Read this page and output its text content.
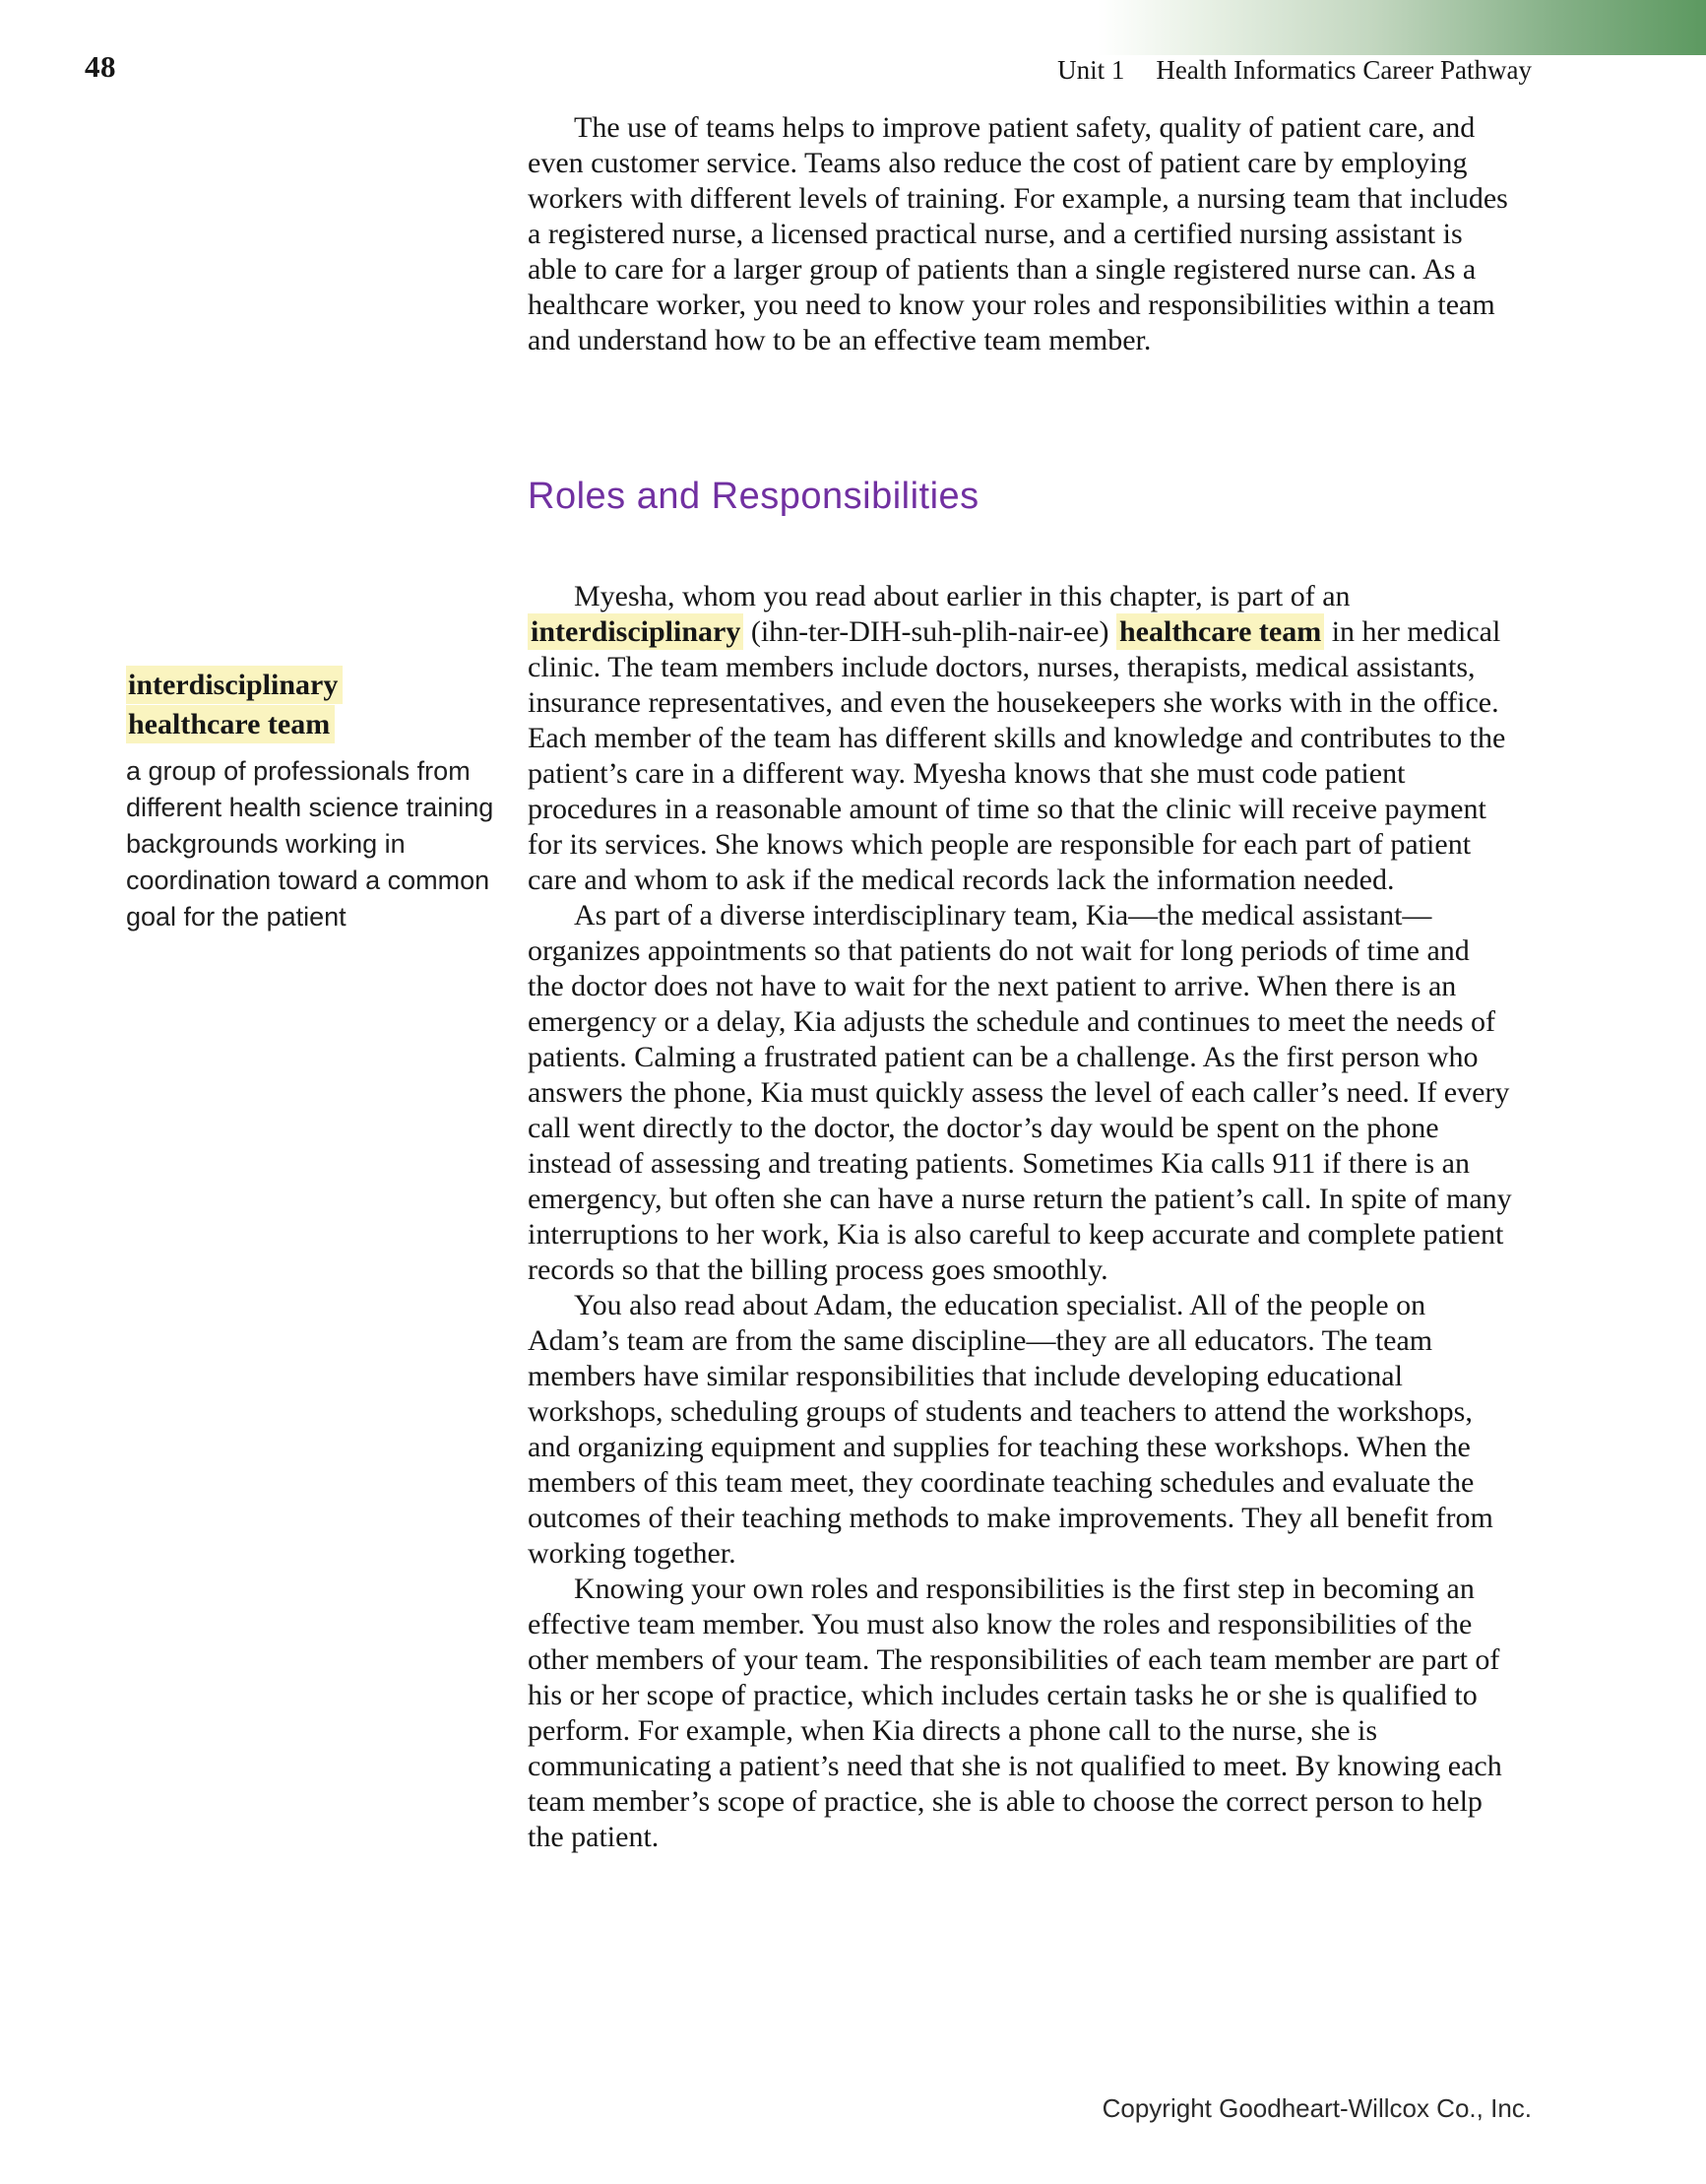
48	Unit 1 Health Informatics Career Pathway
interdisciplinary healthcare team
a group of professionals from different health science training backgrounds working in coordination toward a common goal for the patient

The use of teams helps to improve patient safety, quality of patient care, and even customer service. Teams also reduce the cost of patient care by employing workers with different levels of training. For example, a nursing team that includes a registered nurse, a licensed practical nurse, and a certified nursing assistant is able to care for a larger group of patients than a single registered nurse can. As a healthcare worker, you need to know your roles and responsibilities within a team and understand how to be an effective team member.

Roles and Responsibilities

Myesha, whom you read about earlier in this chapter, is part of an interdisciplinary (ihn-ter-DIH-suh-plih-nair-ee) healthcare team in her medical clinic. The team members include doctors, nurses, therapists, medical assistants, insurance representatives, and even the housekeepers she works with in the office. Each member of the team has different skills and knowledge and contributes to the patient’s care in a different way. Myesha knows that she must code patient procedures in a reasonable amount of time so that the clinic will receive payment for its services. She knows which people are responsible for each part of patient care and whom to ask if the medical records lack the information needed.

As part of a diverse interdisciplinary team, Kia—the medical assistant—organizes appointments so that patients do not wait for long periods of time and the doctor does not have to wait for the next patient to arrive. When there is an emergency or a delay, Kia adjusts the schedule and continues to meet the needs of patients. Calming a frustrated patient can be a challenge. As the first person who answers the phone, Kia must quickly assess the level of each caller’s need. If every call went directly to the doctor, the doctor’s day would be spent on the phone instead of assessing and treating patients. Sometimes Kia calls 911 if there is an emergency, but often she can have a nurse return the patient’s call. In spite of many interruptions to her work, Kia is also careful to keep accurate and complete patient records so that the billing process goes smoothly.

You also read about Adam, the education specialist. All of the people on Adam’s team are from the same discipline—they are all educators. The team members have similar responsibilities that include developing educational workshops, scheduling groups of students and teachers to attend the workshops, and organizing equipment and supplies for teaching these workshops. When the members of this team meet, they coordinate teaching schedules and evaluate the outcomes of their teaching methods to make improvements. They all benefit from working together.

Knowing your own roles and responsibilities is the first step in becoming an effective team member. You must also know the roles and responsibilities of the other members of your team. The responsibilities of each team member are part of his or her scope of practice, which includes certain tasks he or she is qualified to perform. For example, when Kia directs a phone call to the nurse, she is communicating a patient’s need that she is not qualified to meet. By knowing each team member’s scope of practice, she is able to choose the correct person to help the patient.

Copyright Goodheart-Willcox Co., Inc.
